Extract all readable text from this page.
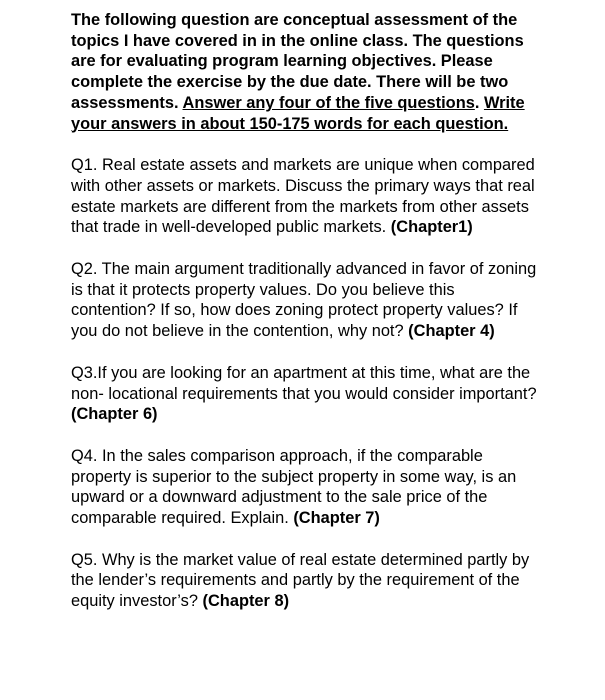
The following question are conceptual assessment of the topics I have covered in in the online class. The questions are for evaluating program learning objectives. Please complete the exercise by the due date. There will be two assessments. Answer any four of the five questions. Write your answers in about 150-175 words for each question.

Q1. Real estate assets and markets are unique when compared with other assets or markets. Discuss the primary ways that real estate markets are different from the markets from other assets that trade in well-developed public markets. (Chapter1)

Q2. The main argument traditionally advanced in favor of zoning is that it protects property values. Do you believe this contention? If so, how does zoning protect property values? If you do not believe in the contention, why not? (Chapter 4)

Q3.If you are looking for an apartment at this time, what are the non- locational requirements that you would consider important? (Chapter 6)

Q4. In the sales comparison approach, if the comparable property is superior to the subject property in some way, is an upward or a downward adjustment to the sale price of the comparable required. Explain. (Chapter 7)

Q5. Why is the market value of real estate determined partly by the lender’s requirements and partly by the requirement of the equity investor’s? (Chapter 8)
